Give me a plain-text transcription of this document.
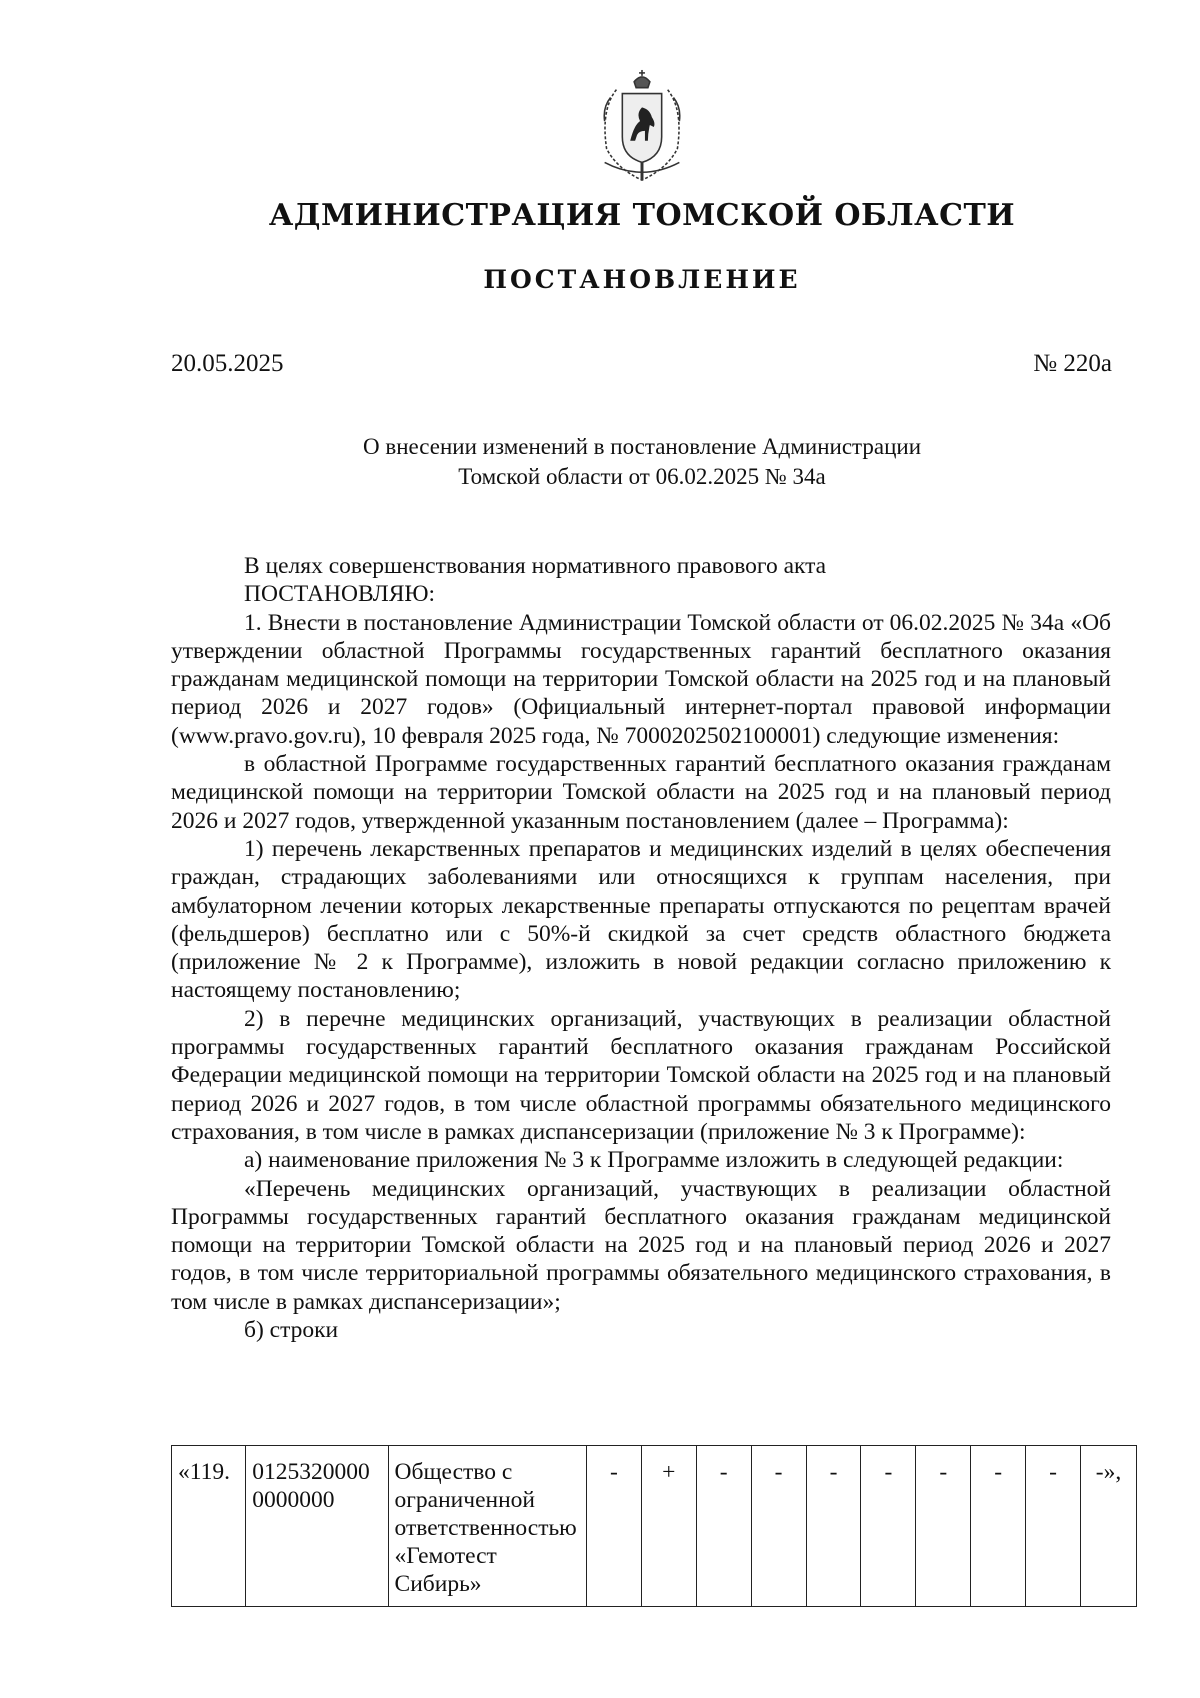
АДМИНИСТРАЦИЯ ТОМСКОЙ ОБЛАСТИ
ПОСТАНОВЛЕНИЕ
20.05.2025	№ 220а
О внесении изменений в постановление Администрации
Томской области от 06.02.2025 № 34а

В целях совершенствования нормативного правового акта

ПОСТАНОВЛЯЮ:

1. Внести в постановление Администрации Томской области от 06.02.2025 № 34а «Об утверждении областной Программы государственных гарантий бесплатного оказания гражданам медицинской помощи на территории Томской области на 2025 год и на плановый период 2026 и 2027 годов» (Официальный интернет-портал правовой информации (www.pravo.gov.ru), 10 февраля 2025 года, № 7000202502100001) следующие изменения:

в областной Программе государственных гарантий бесплатного оказания гражданам медицинской помощи на территории Томской области на 2025 год и на плановый период 2026 и 2027 годов, утвержденной указанным постановлением (далее – Программа):

1) перечень лекарственных препаратов и медицинских изделий в целях обеспечения граждан, страдающих заболеваниями или относящихся к группам населения, при амбулаторном лечении которых лекарственные препараты отпускаются по рецептам врачей (фельдшеров) бесплатно или с 50%-й скидкой за счет средств областного бюджета (приложение № 2 к Программе), изложить в новой редакции согласно приложению к настоящему постановлению;

2) в перечне медицинских организаций, участвующих в реализации областной программы государственных гарантий бесплатного оказания гражданам Российской Федерации медицинской помощи на территории Томской области на 2025 год и на плановый период 2026 и 2027 годов, в том числе областной программы обязательного медицинского страхования, в том числе в рамках диспансеризации (приложение № 3 к Программе):

а) наименование приложения № 3 к Программе изложить в следующей редакции:

«Перечень медицинских организаций, участвующих в реализации областной Программы государственных гарантий бесплатного оказания гражданам медицинской помощи на территории Томской области на 2025 год и на плановый период 2026 и 2027 годов, в том числе территориальной программы обязательного медицинского страхования, в том числе в рамках диспансеризации»;

б) строки

«119.	0125320000
0000000
	Общество с ограниченной ответственностью «Гемотест Сибирь»	-	+	-	-	-	-	-	-	-	-»,
